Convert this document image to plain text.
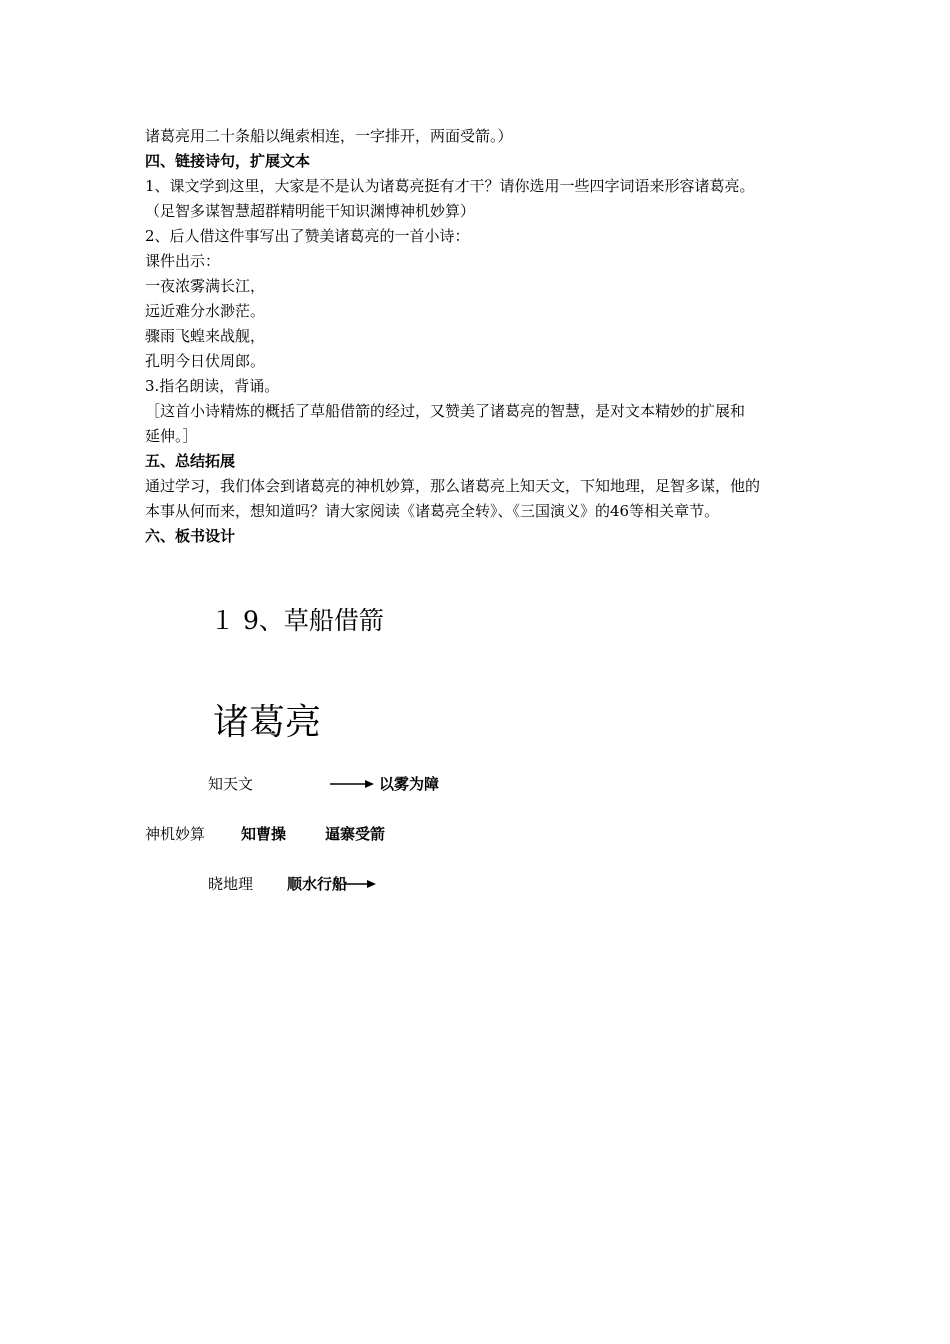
诸葛亮用二十条船以绳索相连，一字排开，两面受箭。）
四、链接诗句，扩展文本
1、课文学到这里，大家是不是认为诸葛亮挺有才干？请你选用一些四字词语来形容诸葛亮。
（足智多谋智慧超群精明能干知识渊博神机妙算）
2、后人借这件事写出了赞美诸葛亮的一首小诗：
课件出示：
一夜浓雾满长江，
远近难分水渺茫。
骤雨飞蝗来战舰，
孔明今日伏周郎。
3.指名朗读，背诵。
［这首小诗精炼的概括了草船借箭的经过，又赞美了诸葛亮的智慧，是对文本精妙的扩展和
延伸。］
五、总结拓展
通过学习，我们体会到诸葛亮的神机妙算，那么诸葛亮上知天文，下知地理，足智多谋，他的
本事从何而来，想知道吗？请大家阅读《诸葛亮全转》、《三国演义》的46等相关章节。
六、板书设计
１ 9、草船借箭
诸葛亮
知天文	以雾为障
神机妙算 知曹操	逼寨受箭
晓地理 顺水行船
